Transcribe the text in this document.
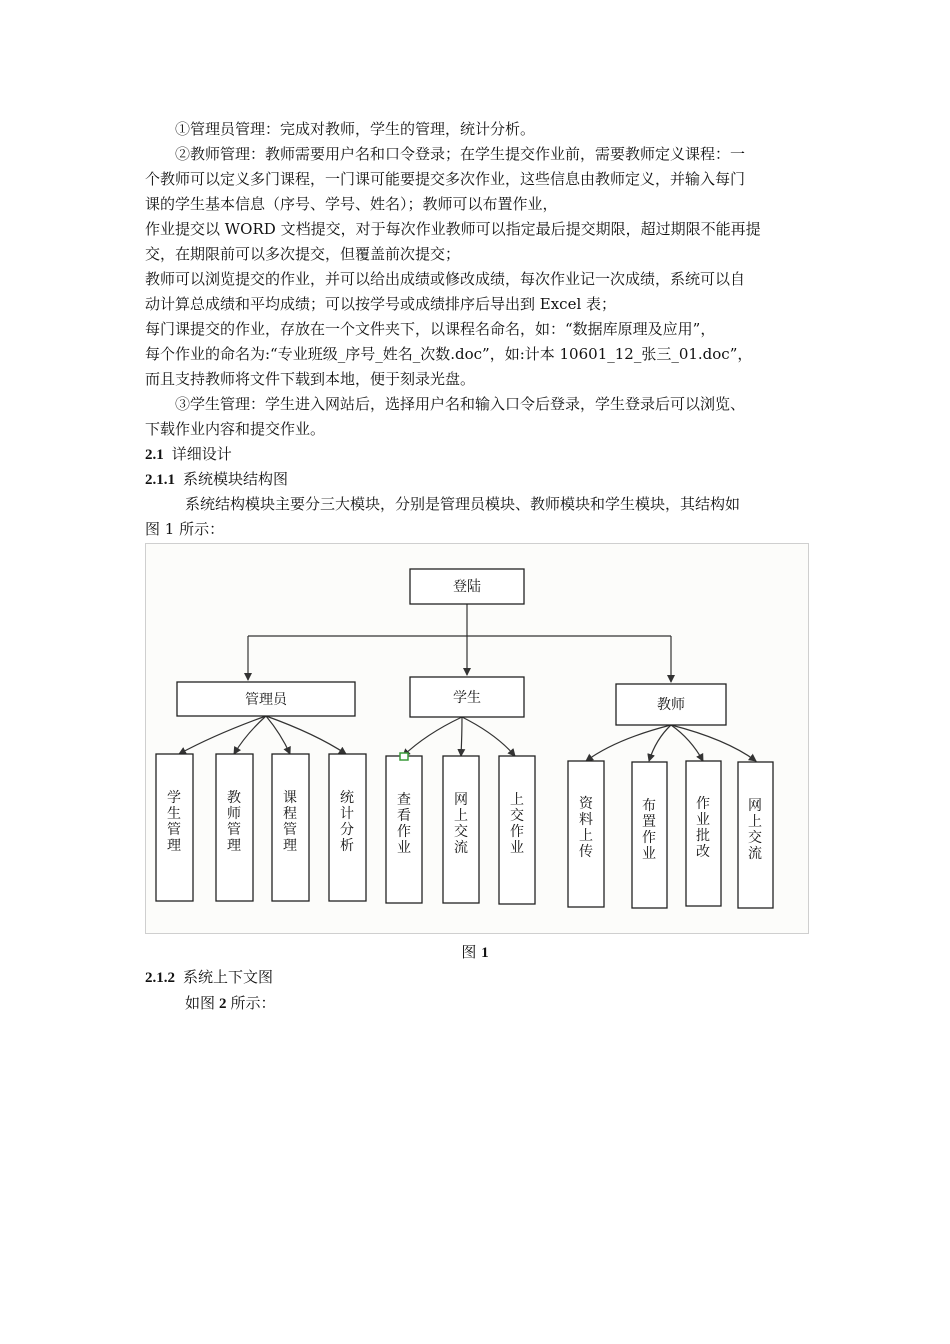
①管理员管理：完成对教师，学生的管理，统计分析。
②教师管理：教师需要用户名和口令登录；在学生提交作业前，需要教师定义课程：一
个教师可以定义多门课程，一门课可能要提交多次作业，这些信息由教师定义，并输入每门
课的学生基本信息（序号、学号、姓名）；教师可以布置作业，
作业提交以 WORD 文档提交，对于每次作业教师可以指定最后提交期限，超过期限不能再提
交，在期限前可以多次提交，但覆盖前次提交；
教师可以浏览提交的作业，并可以给出成绩或修改成绩，每次作业记一次成绩，系统可以自
动计算总成绩和平均成绩；可以按学号或成绩排序后导出到 Excel 表；
每门课提交的作业，存放在一个文件夹下，以课程名命名，如：“数据库原理及应用”，
每个作业的命名为:“专业班级_序号_姓名_次数.doc”，如:计本 10601_12_张三_01.doc”，
而且支持教师将文件下载到本地，便于刻录光盘。
③学生管理：学生进入网站后，选择用户名和输入口令后登录，学生登录后可以浏览、
下载作业内容和提交作业。
2.1 详细设计
2.1.1 系统模块结构图
系统结构模块主要分三大模块，分别是管理员模块、教师模块和学生模块，其结构如
图 1 所示：
登陆
管理员
学生管理
教师管理
课程管理
统计分析
学生
查看作业
网上交流
上交作业
教师
资料上传
布置作业
作业批改
网上交流
图 1
2.1.2 系统上下文图
如图 2 所示：
